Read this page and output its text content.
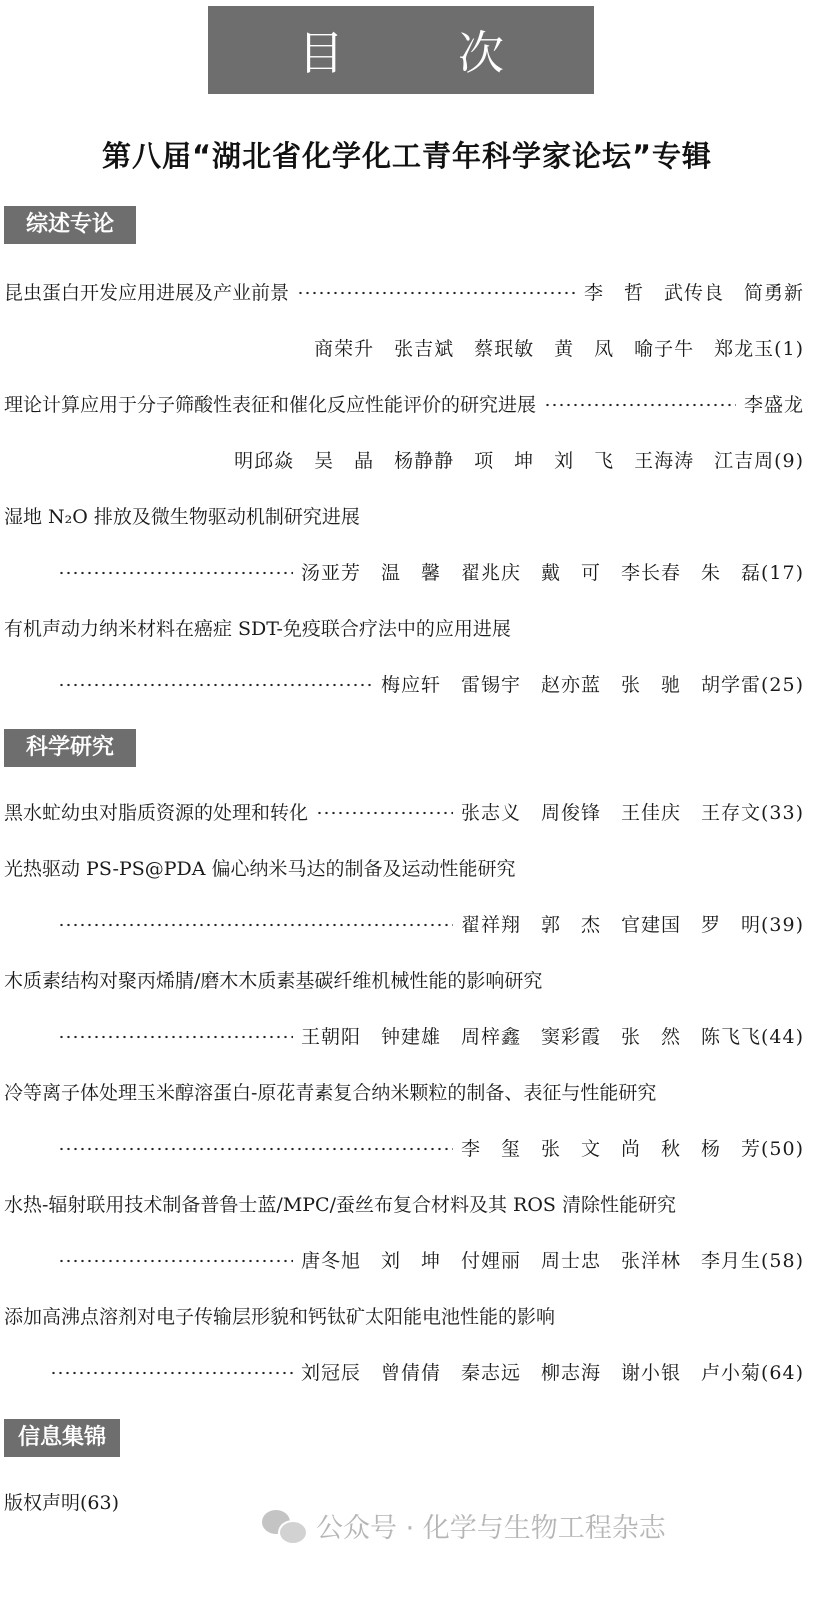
目　次
第八届“湖北省化学化工青年科学家论坛”专辑
综述专论
昆虫蛋白开发应用进展及产业前景	李　哲　武传良　简勇新
商荣升　张吉斌　蔡珉敏　黄　凤　喻子牛　郑龙玉(1)
理论计算应用于分子筛酸性表征和催化反应性能评价的研究进展	李盛龙
明邱焱　吴　晶　杨静静　项　坤　刘　飞　王海涛　江吉周(9)
湿地 N₂O 排放及微生物驱动机制研究进展
汤亚芳　温　馨　翟兆庆　戴　可　李长春　朱　磊(17)
有机声动力纳米材料在癌症 SDT-免疫联合疗法中的应用进展
梅应轩　雷锡宇　赵亦蓝　张　驰　胡学雷(25)
科学研究
黑水虻幼虫对脂质资源的处理和转化	张志义　周俊锋　王佳庆　王存文(33)
光热驱动 PS-PS@PDA 偏心纳米马达的制备及运动性能研究
翟祥翔　郭　杰　官建国　罗　明(39)
木质素结构对聚丙烯腈/磨木木质素基碳纤维机械性能的影响研究
王朝阳　钟建雄　周梓鑫　窦彩霞　张　然　陈飞飞(44)
冷等离子体处理玉米醇溶蛋白-原花青素复合纳米颗粒的制备、表征与性能研究
李　玺　张　文　尚　秋　杨　芳(50)
水热-辐射联用技术制备普鲁士蓝/MPC/蚕丝布复合材料及其 ROS 清除性能研究
唐冬旭　刘　坤　付娌丽　周士忠　张洋林　李月生(58)
添加高沸点溶剂对电子传输层形貌和钙钛矿太阳能电池性能的影响
刘冠辰　曾倩倩　秦志远　柳志海　谢小银　卢小菊(64)
信息集锦
版权声明(63)
公众号 · 化学与生物工程杂志
